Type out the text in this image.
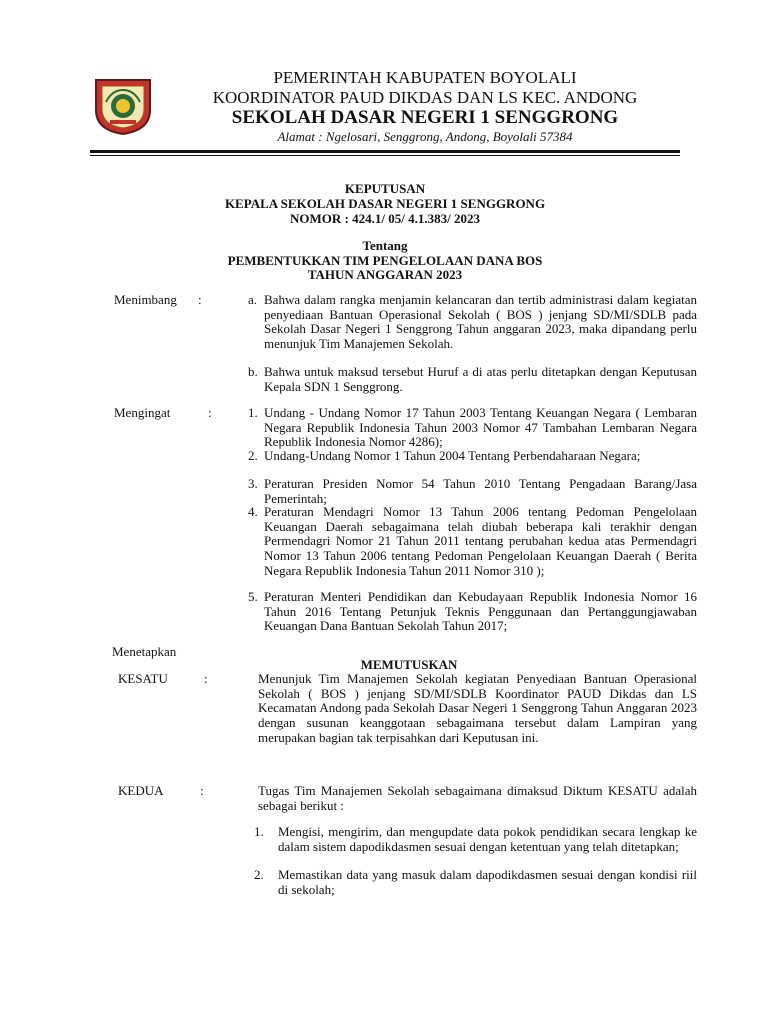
PEMERINTAH KABUPATEN BOYOLALI
KOORDINATOR PAUD DIKDAS DAN LS KEC. ANDONG
SEKOLAH DASAR NEGERI 1 SENGGRONG
Alamat : Ngelosari, Senggrong, Andong, Boyolali 57384
KEPUTUSAN
KEPALA SEKOLAH DASAR NEGERI 1 SENGGRONG
NOMOR : 424.1/ 05/ 4.1.383/ 2023
Tentang
PEMBENTUKKAN TIM PENGELOLAAN DANA BOS
TAHUN ANGGARAN 2023
Menimbang :	a. Bahwa dalam rangka menjamin kelancaran dan tertib administrasi dalam kegiatan penyediaan Bantuan Operasional Sekolah ( BOS ) jenjang SD/MI/SDLB pada Sekolah Dasar Negeri 1 Senggrong Tahun anggaran 2023, maka dipandang perlu menunjuk Tim Manajemen Sekolah.
b. Bahwa untuk maksud tersebut Huruf a di atas perlu ditetapkan dengan Keputusan Kepala SDN 1 Senggrong.
Mengingat	:	1. Undang - Undang Nomor 17 Tahun 2003 Tentang Keuangan Negara ( Lembaran Negara Republik Indonesia Tahun 2003 Nomor 47 Tambahan Lembaran Negara Republik Indonesia Nomor 4286);
2. Undang-Undang Nomor 1 Tahun 2004 Tentang Perbendaharaan Negara;
3. Peraturan Presiden Nomor 54 Tahun 2010 Tentang Pengadaan Barang/Jasa Pemerintah;
4. Peraturan Mendagri Nomor 13 Tahun 2006 tentang Pedoman Pengelolaan Keuangan Daerah sebagaimana telah diubah beberapa kali terakhir dengan Permendagri Nomor 21 Tahun 2011 tentang perubahan kedua atas Permendagri Nomor 13 Tahun 2006 tentang Pedoman Pengelolaan Keuangan Daerah ( Berita Negara Republik Indonesia Tahun 2011 Nomor 310 );
5. Peraturan Menteri Pendidikan dan Kebudayaan Republik Indonesia Nomor 16 Tahun 2016 Tentang Petunjuk Teknis Penggunaan dan Pertanggungjawaban Keuangan Dana Bantuan Sekolah Tahun 2017;
Menetapkan
MEMUTUSKAN
KESATU	:	Menunjuk Tim Manajemen Sekolah kegiatan Penyediaan Bantuan Operasional Sekolah ( BOS ) jenjang SD/MI/SDLB Koordinator PAUD Dikdas dan LS Kecamatan Andong pada Sekolah Dasar Negeri 1 Senggrong Tahun Anggaran 2023 dengan susunan keanggotaan sebagaimana tersebut dalam Lampiran yang merupakan bagian tak terpisahkan dari Keputusan ini.
KEDUA	:	Tugas Tim Manajemen Sekolah sebagaimana dimaksud Diktum KESATU adalah sebagai berikut :
1. Mengisi, mengirim, dan mengupdate data pokok pendidikan secara lengkap ke dalam sistem dapodikdasmen sesuai dengan ketentuan yang telah ditetapkan;
2. Memastikan data yang masuk dalam dapodikdasmen sesuai dengan kondisi riil di sekolah;
